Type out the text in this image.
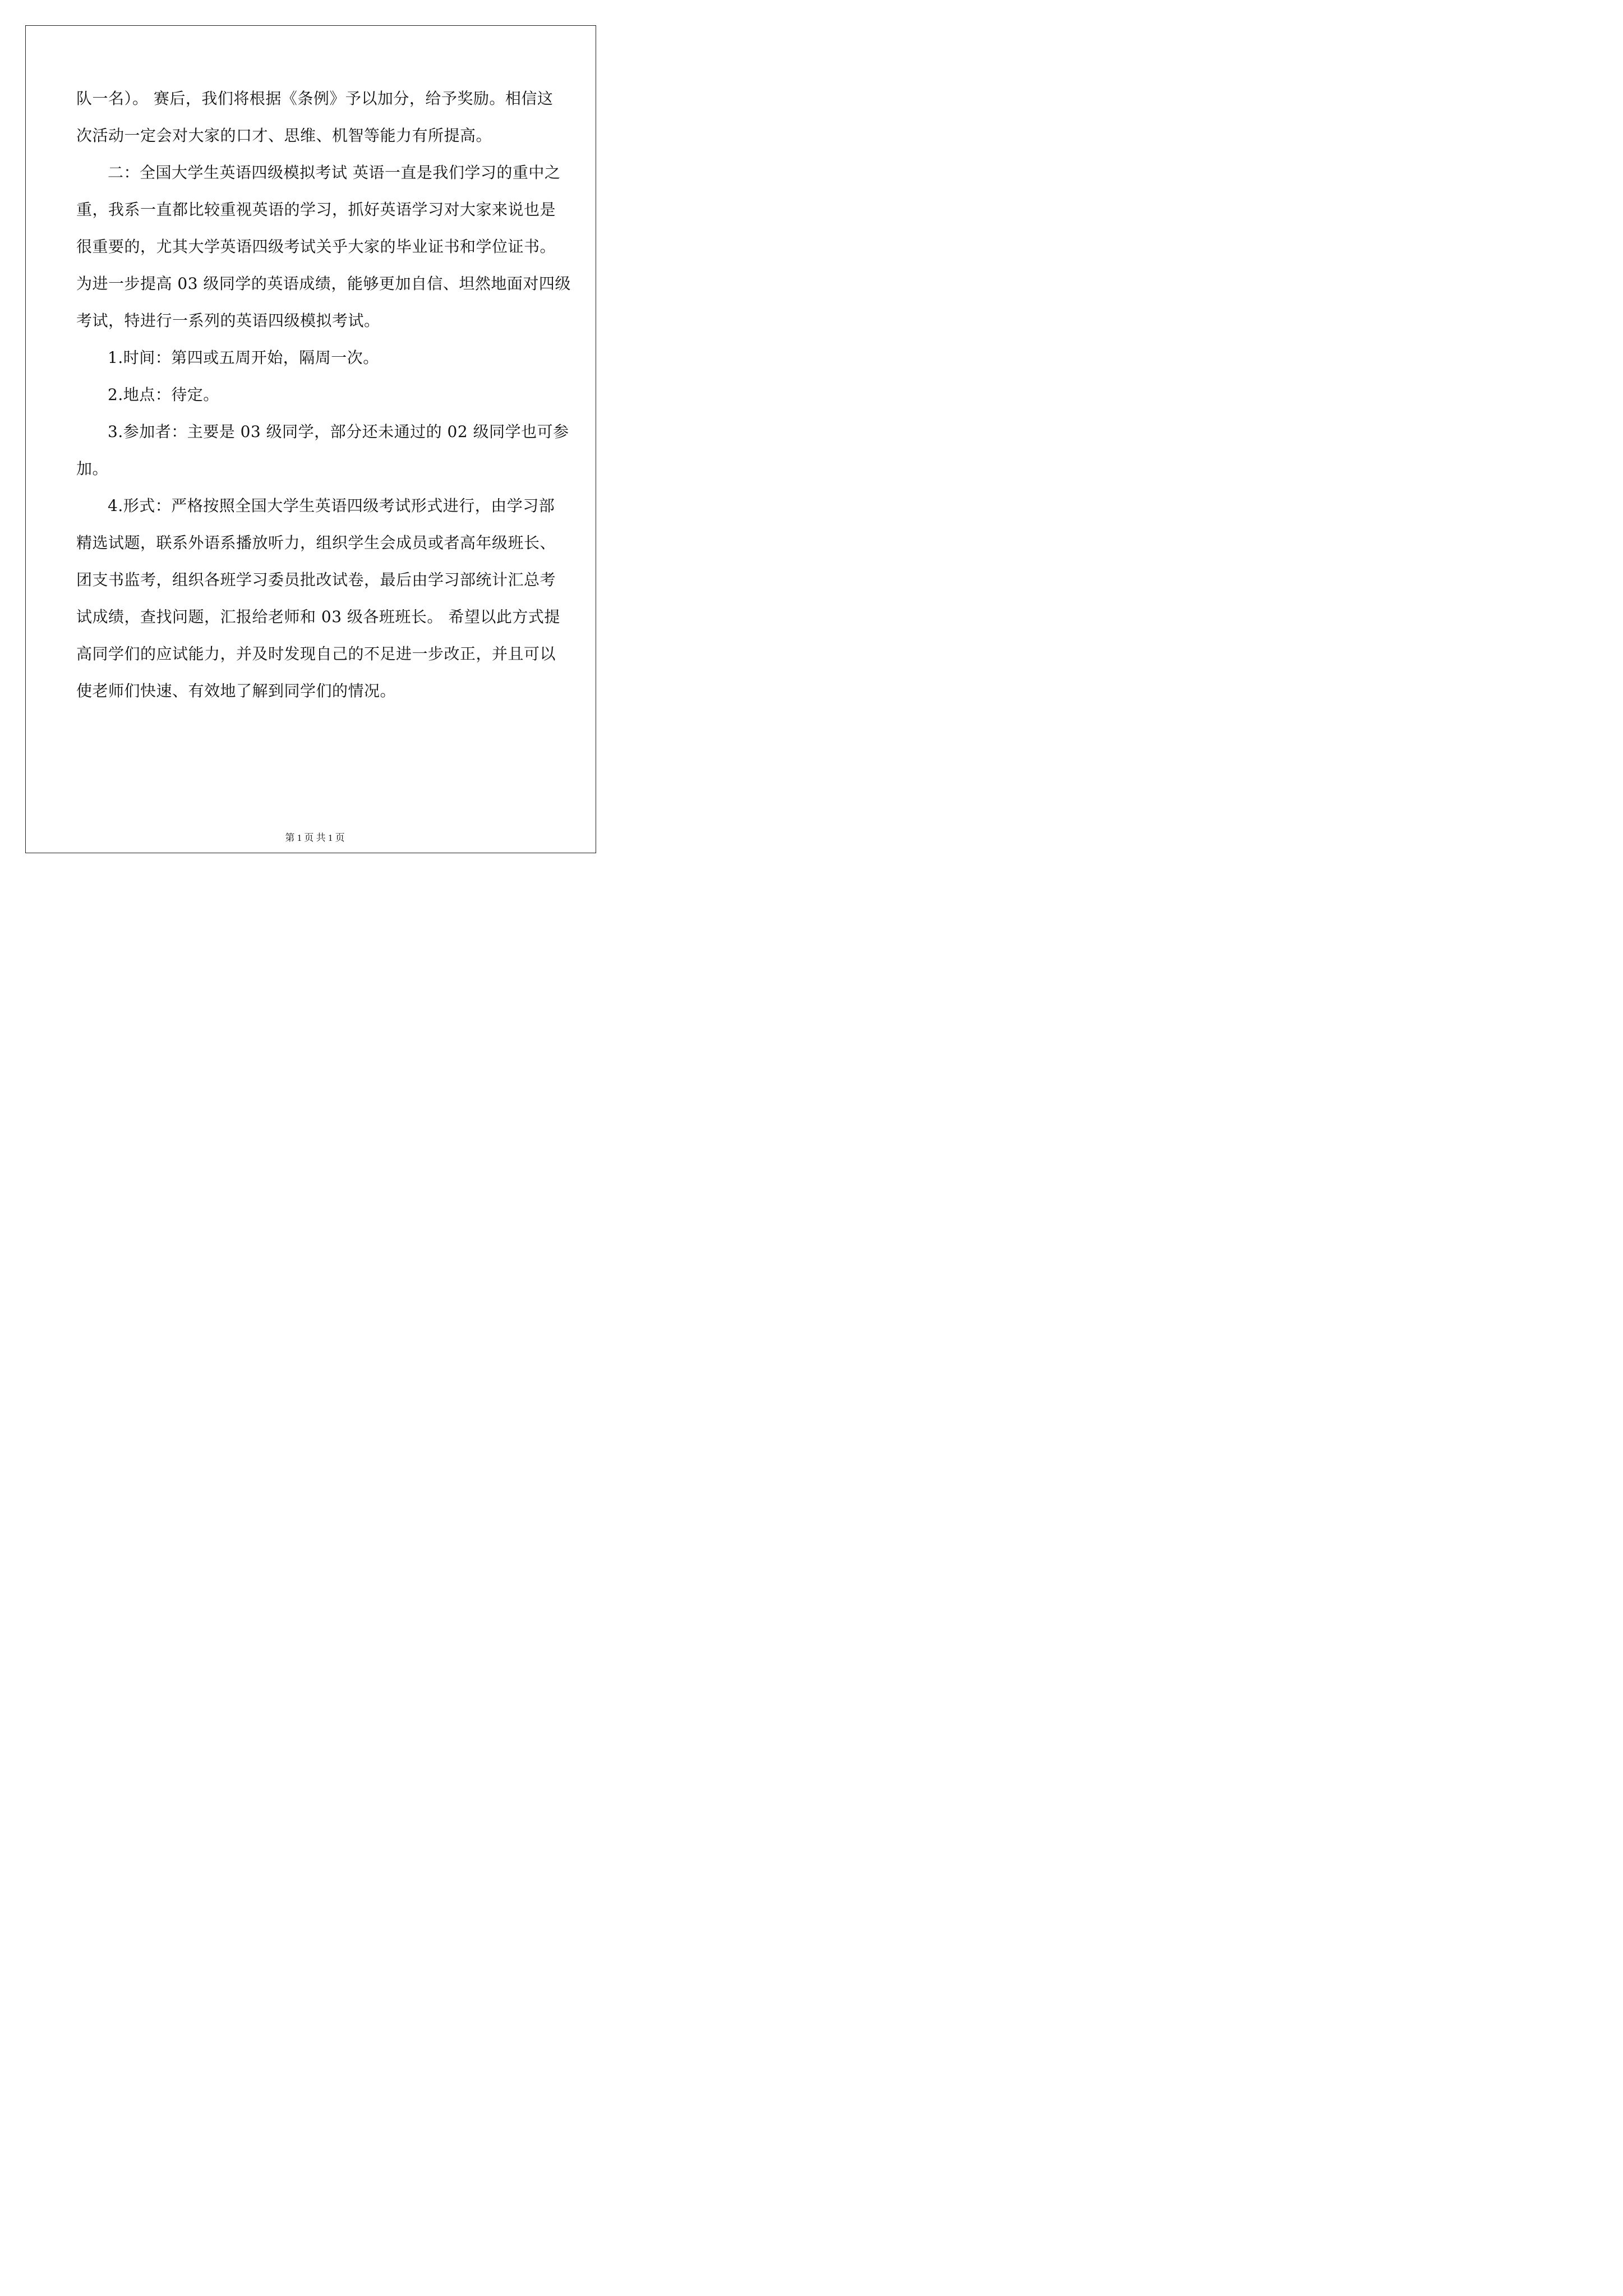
队一名）。 赛后，我们将根据《条例》予以加分，给予奖励。相信这
次活动一定会对大家的口才、思维、机智等能力有所提高。
二：全国大学生英语四级模拟考试 英语一直是我们学习的重中之
重，我系一直都比较重视英语的学习，抓好英语学习对大家来说也是
很重要的，尤其大学英语四级考试关乎大家的毕业证书和学位证书。
为进一步提高 03 级同学的英语成绩，能够更加自信、坦然地面对四级
考试，特进行一系列的英语四级模拟考试。
1.时间：第四或五周开始，隔周一次。
2.地点：待定。
3.参加者：主要是 03 级同学，部分还未通过的 02 级同学也可参
加。
4.形式：严格按照全国大学生英语四级考试形式进行，由学习部
精选试题，联系外语系播放听力，组织学生会成员或者高年级班长、
团支书监考，组织各班学习委员批改试卷，最后由学习部统计汇总考
试成绩，查找问题，汇报给老师和 03 级各班班长。 希望以此方式提
高同学们的应试能力，并及时发现自己的不足进一步改正，并且可以
使老师们快速、有效地了解到同学们的情况。
第 1 页 共 1 页
